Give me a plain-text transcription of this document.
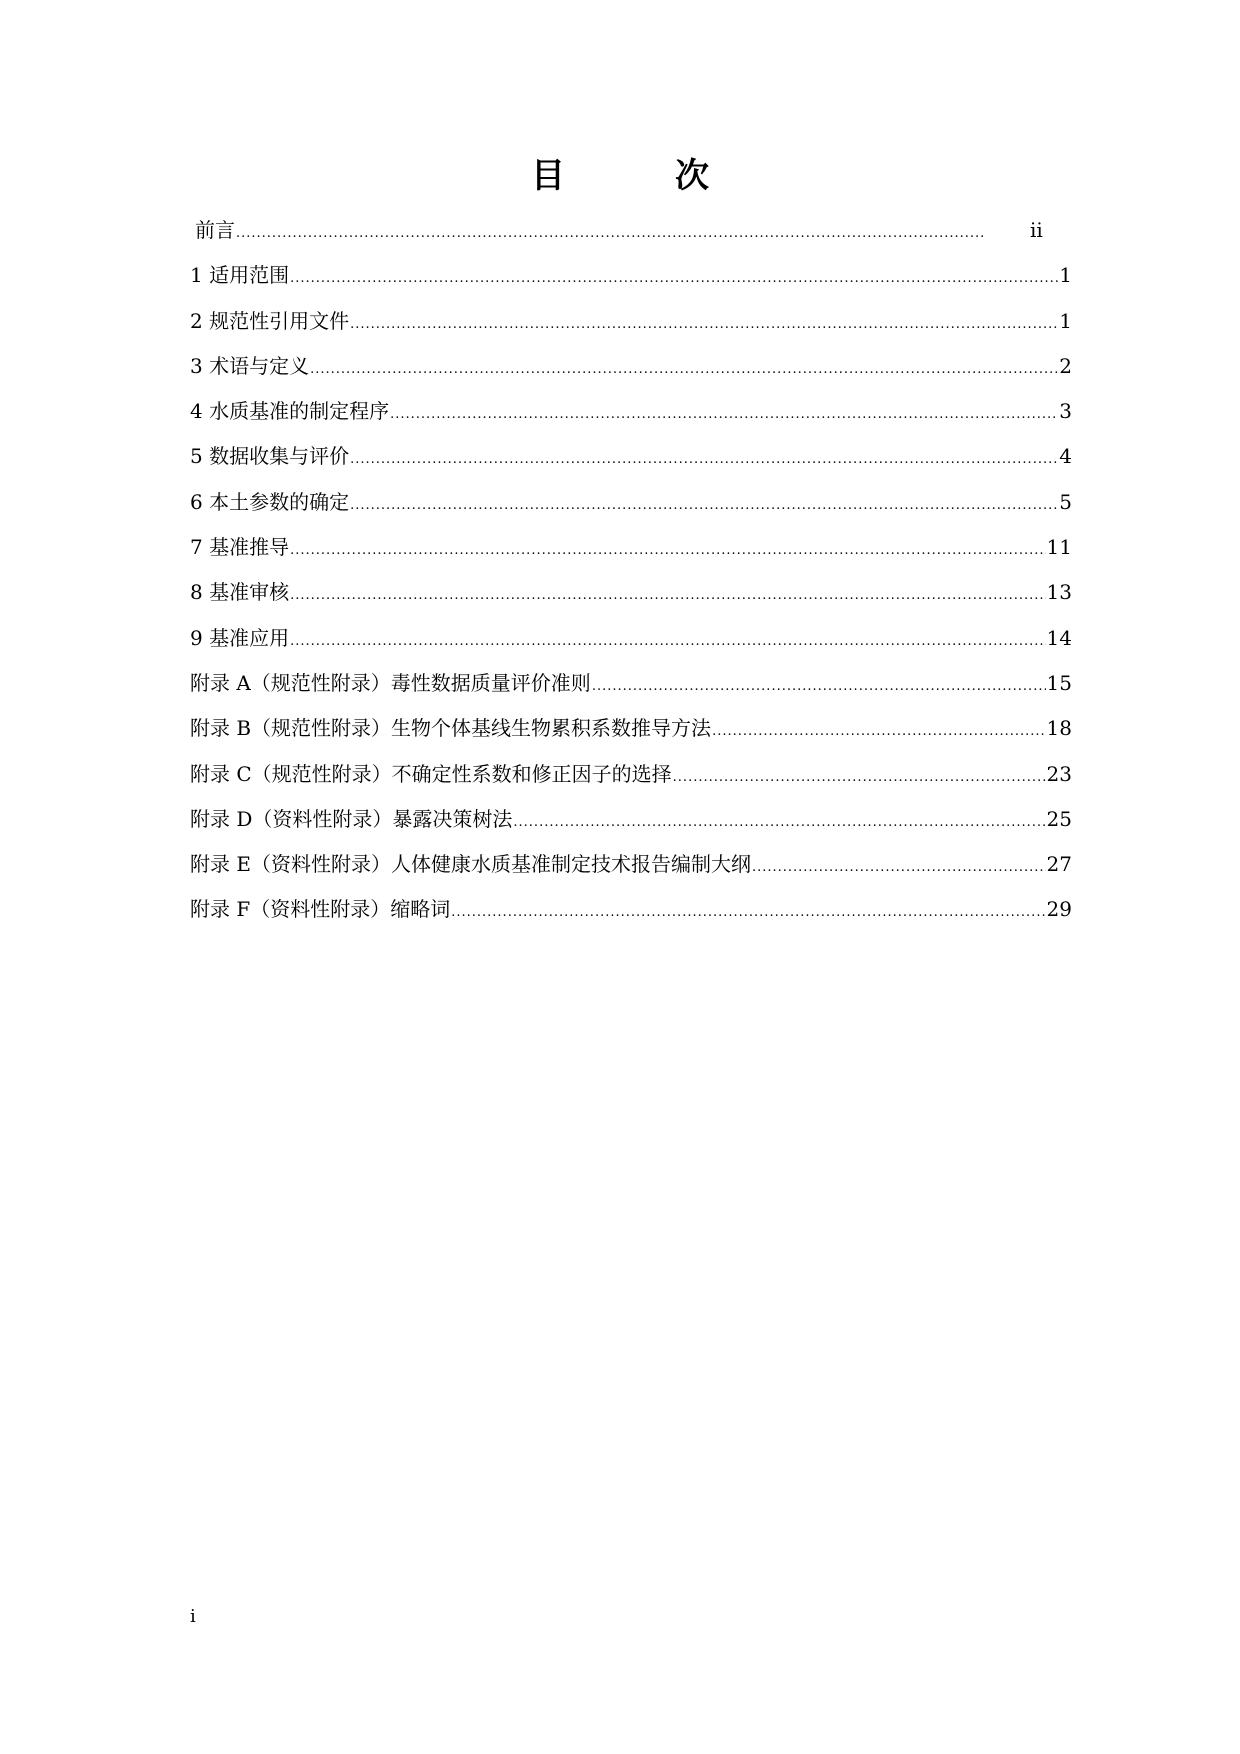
目　次
前言 .....	ii
1 适用范围 .....	1
2 规范性引用文件 .....	1
3 术语与定义 .....	2
4 水质基准的制定程序 .....	3
5 数据收集与评价 .....	4
6 本土参数的确定 .....	5
7 基准推导 .....	11
8 基准审核 .....	13
9 基准应用 .....	14
附录 A（规范性附录）毒性数据质量评价准则 .....	15
附录 B（规范性附录）生物个体基线生物累积系数推导方法 .....	18
附录 C（规范性附录）不确定性系数和修正因子的选择 .....	23
附录 D（资料性附录）暴露决策树法 .....	25
附录 E（资料性附录）人体健康水质基准制定技术报告编制大纲 .....	27
附录 F（资料性附录）缩略词 .....	29
i
